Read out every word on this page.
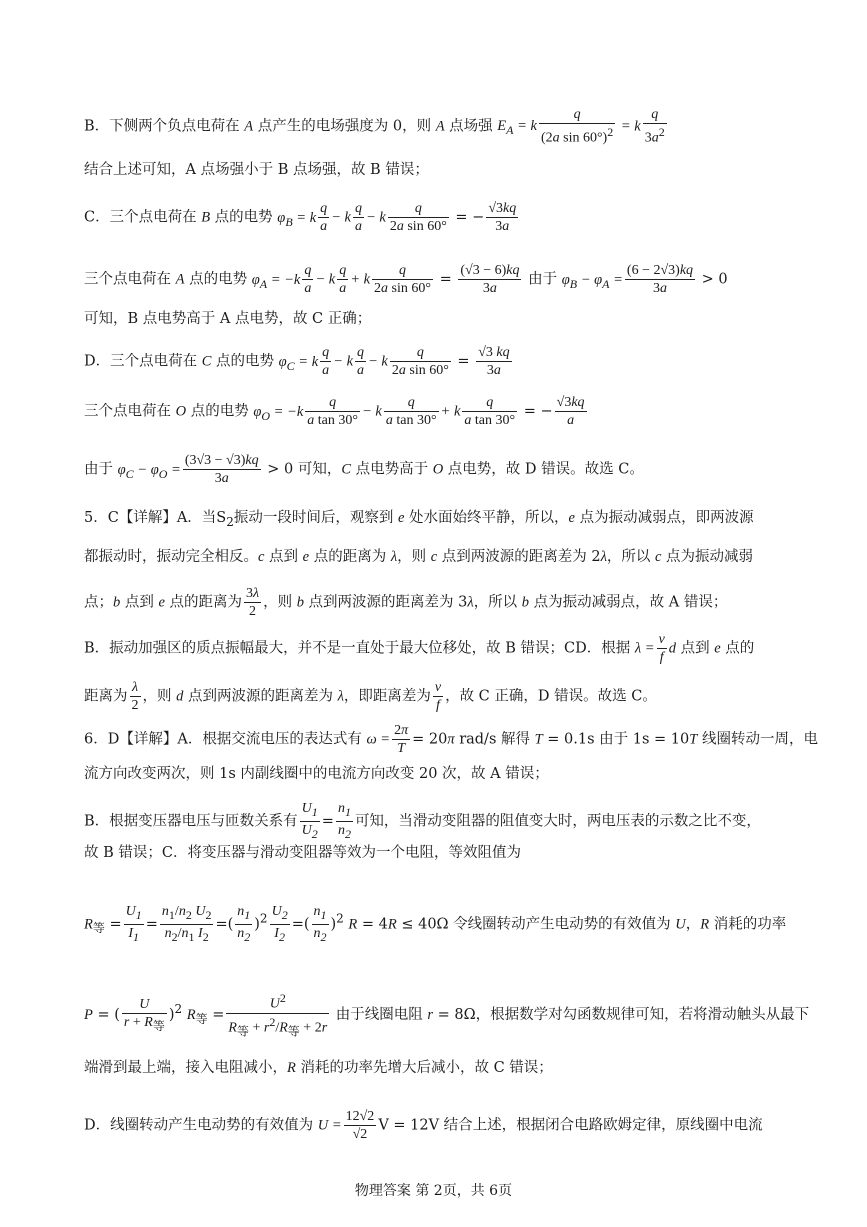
B．下侧两个负点电荷在 A 点产生的电场强度为 0，则 A 点场强 $E_A = k \frac{q}{(2a \sin 60^\circ)^2} = k \frac{q}{3a^2}$
结合上述可知，A 点场强小于 B 点场强，故 B 错误；
C．三个点电荷在 B 点的电势 $\varphi_B = k \frac{q}{a} - k \frac{q}{a} - k \frac{q}{\text{2a sin 60°}}$ = − $\frac{√3kq}{3a}$
三个点电荷在 A 点的电势 $\varphi_A = -k \frac{q}{a} - k \frac{q}{a} + k \frac{q}{\text{2a sin 60°}} = \frac{(√3 - 6)kq}{3a}$ 由于 $\varphi_B - \varphi_A = \frac{(6 - 2√3)kq}{3a} > 0$
可知，B 点电势高于 A 点电势，故 C 正确；
D．三个点电荷在 C 点的电势 $\varphi_C = k \frac{q}{a} - k \frac{q}{a} - k \frac{q}{\text{2a sin 60°}} = \frac{√3 kq}{3a}$
三个点电荷在 O 点的电势 $\varphi_O = -k \frac{q}{\text{a tan 30°}} - k \frac{q}{\text{a tan 30°}} + k \frac{q}{\text{a tan 30°}}$ = − $\frac{√3kq}{a}$
由于 $\varphi_C - \varphi_O = \frac{(3√3 - √3)kq}{3a} > 0$ 可知，C 点电势高于 O 点电势，故 D 错误。故选 C。
5．C【详解】A．当$S_2$振动一段时间后，观察到 e 处水面始终平静，所以，e 点为振动减弱点，即两波源
都振动时，振动完全相反。c 点到 e 点的距离为 λ，则 c 点到两波源的距离差为 2λ，所以 c 点为振动减弱
点；b 点到 e 点的距离为 $\frac{3\lambda}{2}$ ，则 b 点到两波源的距离差为 3λ，所以 b 点为振动减弱点，故 A 错误；
B．振动加强区的质点振幅最大，并不是一直处于最大位移处，故 B 错误；CD．根据 $\lambda = \frac{v}{f}$ d 点到 e 点的
距离为 $\frac{\lambda}{2}$ ，则 d 点到两波源的距离差为 λ，即距离差为 $\frac{v}{f}$ ，故 C 正确，D 错误。故选 C。
6．D【详解】A．根据交流电压的表达式有 $\omega = \frac{2\pi}{T} = 20\pi$ rad/s 解得 T = 0.1s 由于 1s = 10T 线圈转动一周，电
流方向改变两次，则 1s 内副线圈中的电流方向改变 20 次，故 A 错误；
B．根据变压器电压与匝数关系有 $\frac{U_1}{U_2} = \frac{n_1}{n_2}$ 可知，当滑动变阻器的阻值变大时，两电压表的示数之比不变，
故 B 错误；C．将变压器与滑动变阻器等效为一个电阻，等效阻值为
$R_等 = \frac{U_1}{I_1} = \frac{n_1/n_2 U_2}{n_2/n_1 I_2}$ =( $\frac{n_1}{n_2} )^2 \frac{U_2}{I_2}$ =( $\frac{n_1}{n_2} )^2$ R = 4R ≤ 40Ω 令线圈转动产生电动势的有效值为 U，R 消耗的功率
P = ( $\frac{U}{r + R_等} )^2$ $R_等 = \frac{U^2}{R_等 + r^2/R_等 + 2r}$ 由于线圈电阻 r = 8Ω，根据数学对勾函数规律可知，若将滑动触头从最下
端滑到最上端，接入电阻减小，R 消耗的功率先增大后减小，故 C 错误；
D．线圈转动产生电动势的有效值为 $U = \frac{12√2}{√2}$ V = 12V 结合上述，根据闭合电路欧姆定律，原线圈中电流
物理答案 第 2页，共 6页
